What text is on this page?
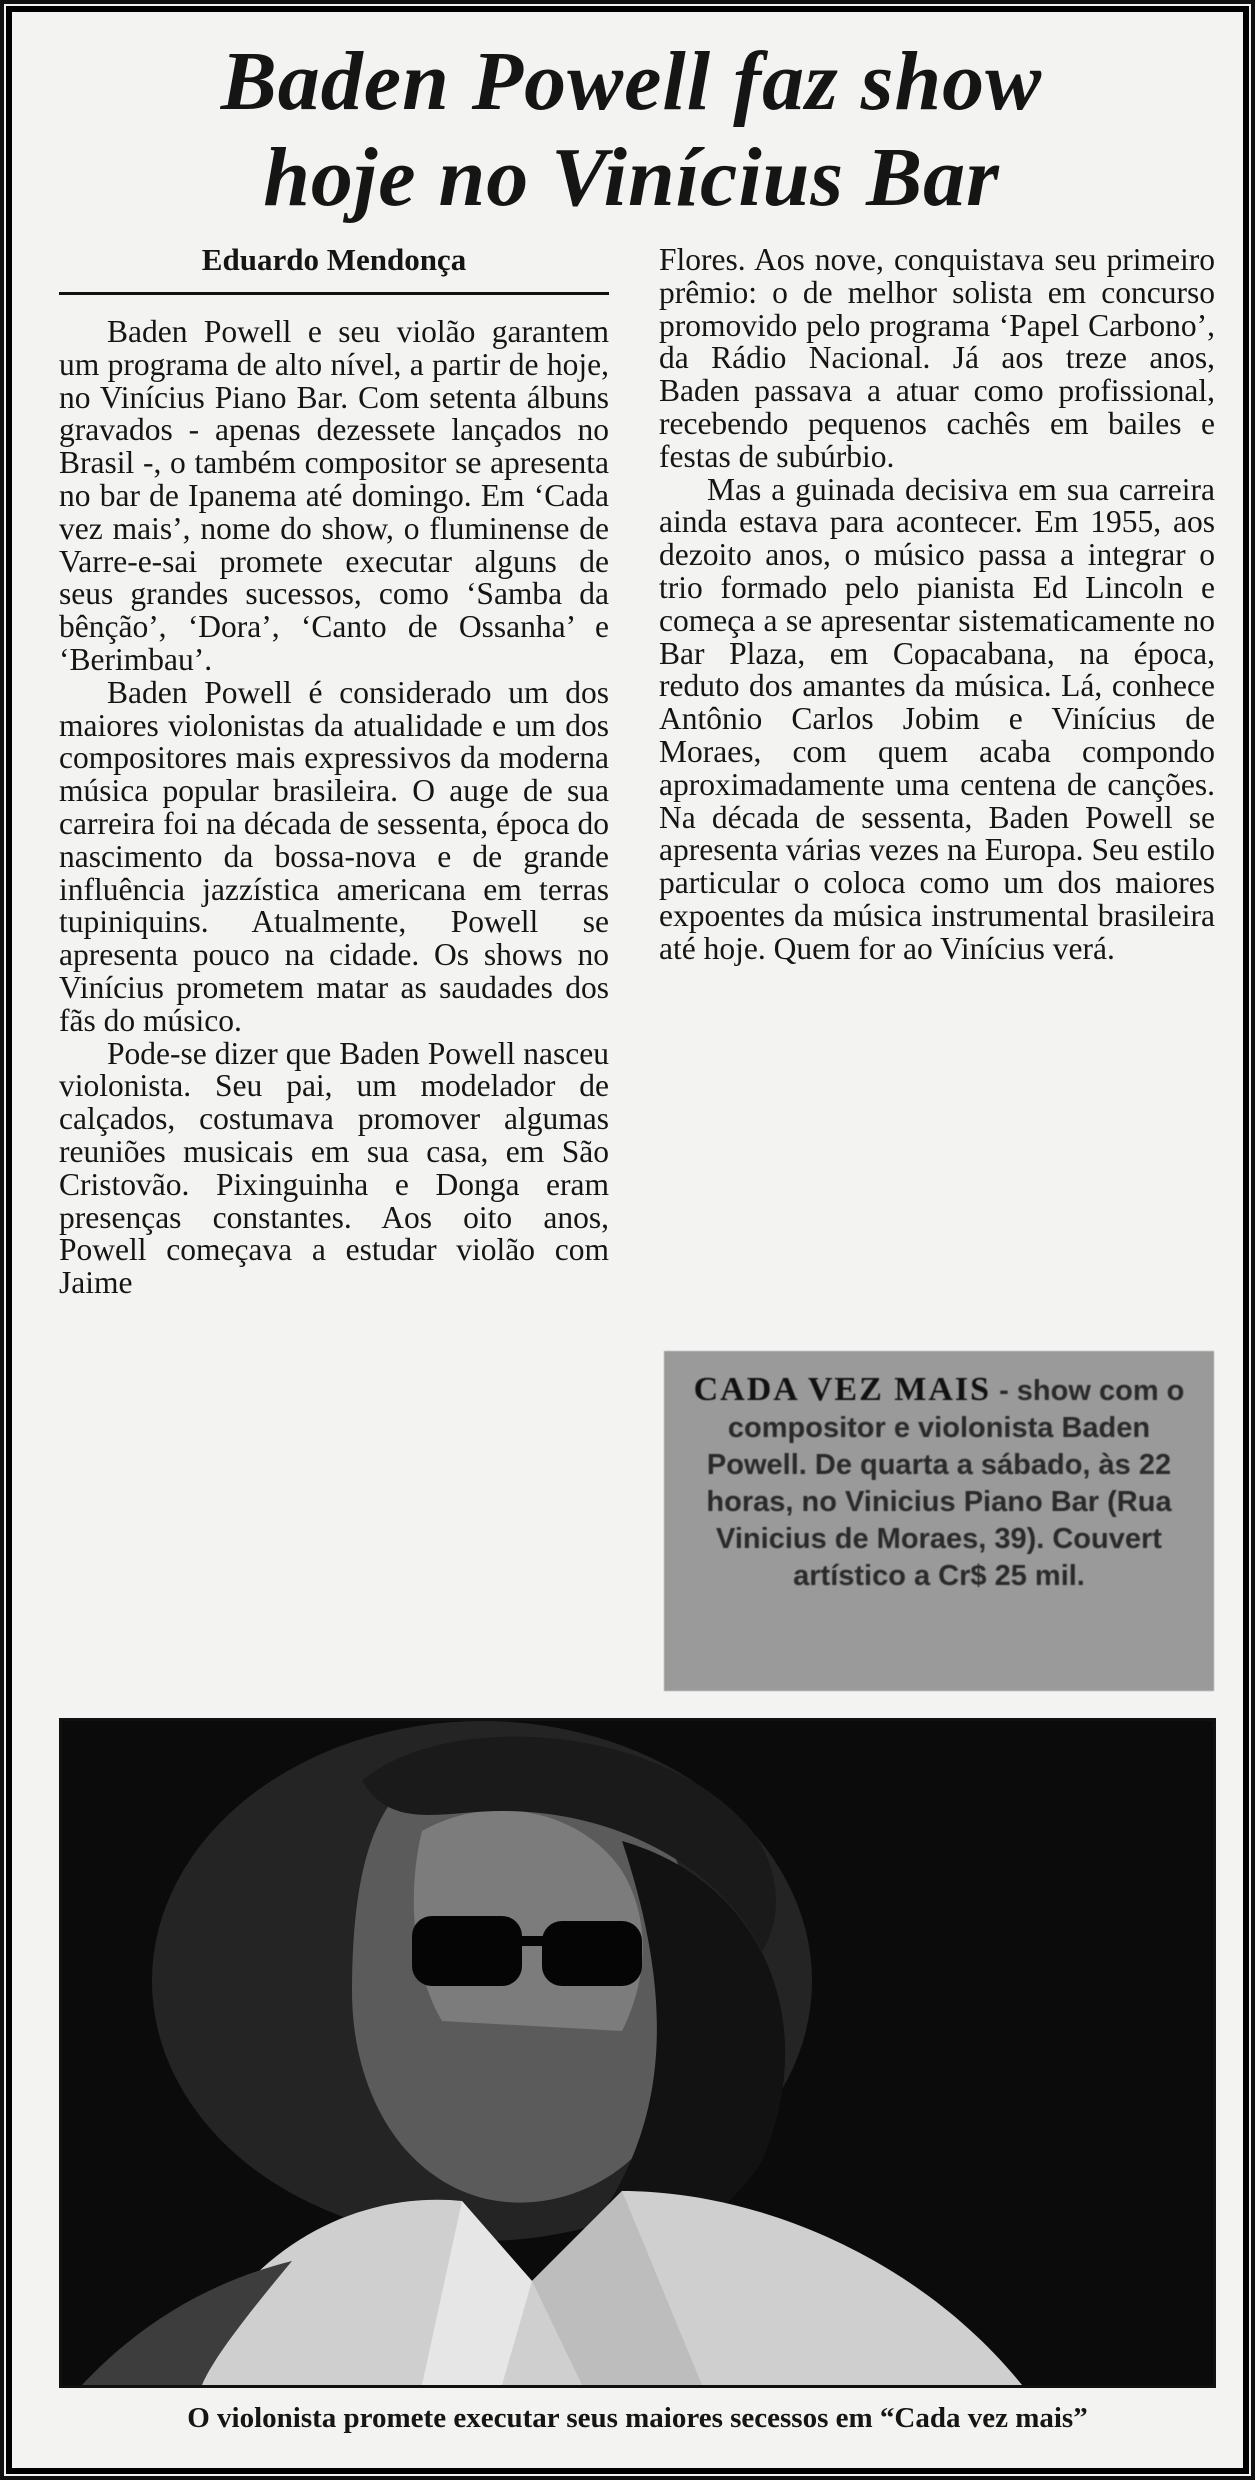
Baden Powell faz show
hoje no Vinícius Bar
Eduardo Mendonça

Baden Powell e seu violão garantem um programa de alto nível, a partir de hoje, no Vinícius Piano Bar. Com setenta álbuns gravados - apenas dezessete lançados no Brasil -, o também compositor se apresenta no bar de Ipanema até domingo. Em ‘Cada vez mais’, nome do show, o fluminense de Varre-e-sai promete executar alguns de seus grandes sucessos, como ‘Samba da bênção’, ‘Dora’, ‘Canto de Ossanha’ e ‘Berimbau’.

Baden Powell é considerado um dos maiores violonistas da atualidade e um dos compositores mais expressivos da moderna música popular brasileira. O auge de sua carreira foi na década de sessenta, época do nascimento da bossa-nova e de grande influência jazzística americana em terras tupiniquins. Atualmente, Powell se apresenta pouco na cidade. Os shows no Vinícius prometem matar as saudades dos fãs do músico.

Pode-se dizer que Baden Powell nasceu violonista. Seu pai, um modelador de calçados, costumava promover algumas reuniões musicais em sua casa, em São Cristovão. Pixinguinha e Donga eram presenças constantes. Aos oito anos, Powell começava a estudar violão com Jaime

Flores. Aos nove, conquistava seu primeiro prêmio: o de melhor solista em concurso promovido pelo programa ‘Papel Carbono’, da Rádio Nacional. Já aos treze anos, Baden passava a atuar como profissional, recebendo pequenos cachês em bailes e festas de subúrbio.

Mas a guinada decisiva em sua carreira ainda estava para acontecer. Em 1955, aos dezoito anos, o músico passa a integrar o trio formado pelo pianista Ed Lincoln e começa a se apresentar sistematicamente no Bar Plaza, em Copacabana, na época, reduto dos amantes da música. Lá, conhece Antônio Carlos Jobim e Vinícius de Moraes, com quem acaba compondo aproximadamente uma centena de canções. Na década de sessenta, Baden Powell se apresenta várias vezes na Europa. Seu estilo particular o coloca como um dos maiores expoentes da música instrumental brasileira até hoje. Quem for ao Vinícius verá.

CADA VEZ MAIS - show com o compositor e violonista Baden Powell. De quarta a sábado, às 22 horas, no Vinicius Piano Bar (Rua Vinicius de Moraes, 39). Couvert artístico a Cr$ 25 mil.
O violonista promete executar seus maiores secessos em “Cada vez mais”
